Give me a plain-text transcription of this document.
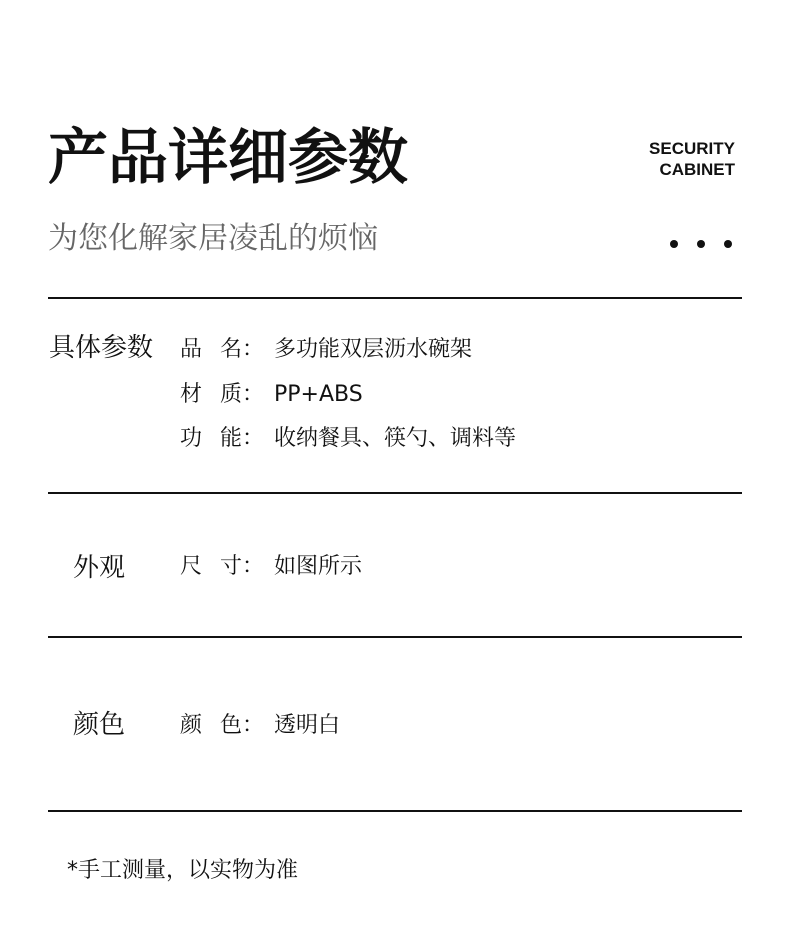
产品详细参数	SECURITY
CABINET
为您化解家居凌乱的烦恼
具体参数 品 名： 多功能双层沥水碗架
材 质： PP+ABS
功 能： 收纳餐具、筷勺、调料等
外观 尺 寸： 如图所示
颜色 颜 色： 透明白
*手工测量，以实物为准
